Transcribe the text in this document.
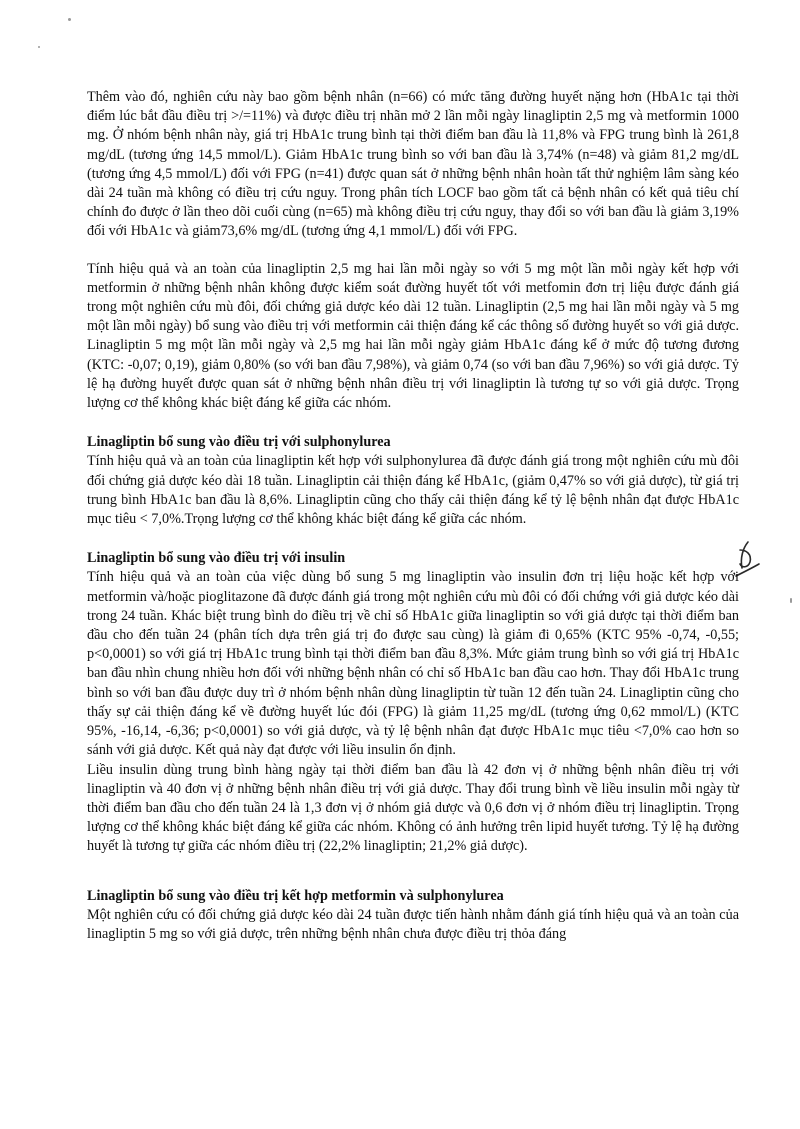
Thêm vào đó, nghiên cứu này bao gồm bệnh nhân (n=66) có mức tăng đường huyết nặng hơn (HbA1c tại thời điểm lúc bắt đầu điều trị >/=11%) và được điều trị nhãn mở 2 lần mỗi ngày linagliptin 2,5 mg và metformin 1000 mg. Ở nhóm bệnh nhân này, giá trị HbA1c trung bình tại thời điểm ban đầu là 11,8% và FPG trung bình là 261,8 mg/dL (tương ứng 14,5 mmol/L). Giảm HbA1c trung bình so với ban đầu là 3,74% (n=48) và giảm 81,2 mg/dL (tương ứng 4,5 mmol/L) đối với FPG (n=41) được quan sát ở những bệnh nhân hoàn tất thử nghiệm lâm sàng kéo dài 24 tuần mà không có điều trị cứu nguy. Trong phân tích LOCF bao gồm tất cả bệnh nhân có kết quả tiêu chí chính đo được ở lần theo dõi cuối cùng (n=65) mà không điều trị cứu nguy, thay đổi so với ban đầu là giảm 3,19% đối với HbA1c và giảm73,6% mg/dL (tương ứng 4,1 mmol/L) đối với FPG.

Tính hiệu quả và an toàn của linagliptin 2,5 mg hai lần mỗi ngày so với 5 mg một lần mỗi ngày kết hợp với metformin ở những bệnh nhân không được kiểm soát đường huyết tốt với metfomin đơn trị liệu được đánh giá trong một nghiên cứu mù đôi, đối chứng giả dược kéo dài 12 tuần. Linagliptin (2,5 mg hai lần mỗi ngày và 5 mg một lần mỗi ngày) bổ sung vào điều trị với metformin cải thiện đáng kể các thông số đường huyết so với giả dược. Linagliptin 5 mg một lần mỗi ngày và 2,5 mg hai lần mỗi ngày giảm HbA1c đáng kể ở mức độ tương đương (KTC: -0,07; 0,19), giảm 0,80% (so với ban đầu 7,98%), và giảm 0,74 (so với ban đầu 7,96%) so với giả dược. Tỷ lệ hạ đường huyết được quan sát ở những bệnh nhân điều trị với linagliptin là tương tự so với giả dược. Trọng lượng cơ thể không khác biệt đáng kể giữa các nhóm.

Linagliptin bổ sung vào điều trị với sulphonylurea

Tính hiệu quả và an toàn của linagliptin kết hợp với sulphonylurea đã được đánh giá trong một nghiên cứu mù đôi đối chứng giả dược kéo dài 18 tuần. Linagliptin cải thiện đáng kể HbA1c, (giảm 0,47% so với giả dược), từ giá trị trung bình HbA1c ban đầu là 8,6%. Linagliptin cũng cho thấy cải thiện đáng kể tỷ lệ bệnh nhân đạt được HbA1c mục tiêu < 7,0%.Trọng lượng cơ thể không khác biệt đáng kể giữa các nhóm.

Linagliptin bổ sung vào điều trị với insulin

Tính hiệu quả và an toàn của việc dùng bổ sung 5 mg linagliptin vào insulin đơn trị liệu hoặc kết hợp với metformin và/hoặc pioglitazone đã được đánh giá trong một nghiên cứu mù đôi có đối chứng với giả dược kéo dài trong 24 tuần. Khác biệt trung bình do điều trị về chỉ số HbA1c giữa linagliptin so với giả dược tại thời điểm ban đầu cho đến tuần 24 (phân tích dựa trên giá trị đo được sau cùng) là giảm đi 0,65% (KTC 95% -0,74, -0,55; p<0,0001) so với giá trị HbA1c trung bình tại thời điểm ban đầu 8,3%. Mức giảm trung bình so với giá trị HbA1c ban đầu nhìn chung nhiều hơn đối với những bệnh nhân có chỉ số HbA1c ban đầu cao hơn. Thay đổi HbA1c trung bình so với ban đầu được duy trì ở nhóm bệnh nhân dùng linagliptin từ tuần 12 đến tuần 24. Linagliptin cũng cho thấy sự cải thiện đáng kể về đường huyết lúc đói (FPG) là giảm 11,25 mg/dL (tương ứng 0,62 mmol/L) (KTC 95%, -16,14, -6,36; p<0,0001) so với giả dược, và tỷ lệ bệnh nhân đạt được HbA1c mục tiêu <7,0% cao hơn so sánh với giả dược. Kết quả này đạt được với liều insulin ổn định.

Liều insulin dùng trung bình hàng ngày tại thời điểm ban đầu là 42 đơn vị ở những bệnh nhân điều trị với linagliptin và 40 đơn vị ở những bệnh nhân điều trị với giả dược. Thay đổi trung bình về liều insulin mỗi ngày từ thời điểm ban đầu cho đến tuần 24 là 1,3 đơn vị ở nhóm giả dược và 0,6 đơn vị ở nhóm điều trị linagliptin. Trọng lượng cơ thể không khác biệt đáng kể giữa các nhóm. Không có ảnh hưởng trên lipid huyết tương. Tỷ lệ hạ đường huyết là tương tự giữa các nhóm điều trị (22,2% linagliptin; 21,2% giả dược).

Linagliptin bổ sung vào điều trị kết hợp metformin và sulphonylurea

Một nghiên cứu có đối chứng giả dược kéo dài 24 tuần được tiến hành nhằm đánh giá tính hiệu quả và an toàn của linagliptin 5 mg so với giả dược, trên những bệnh nhân chưa được điều trị thỏa đáng
